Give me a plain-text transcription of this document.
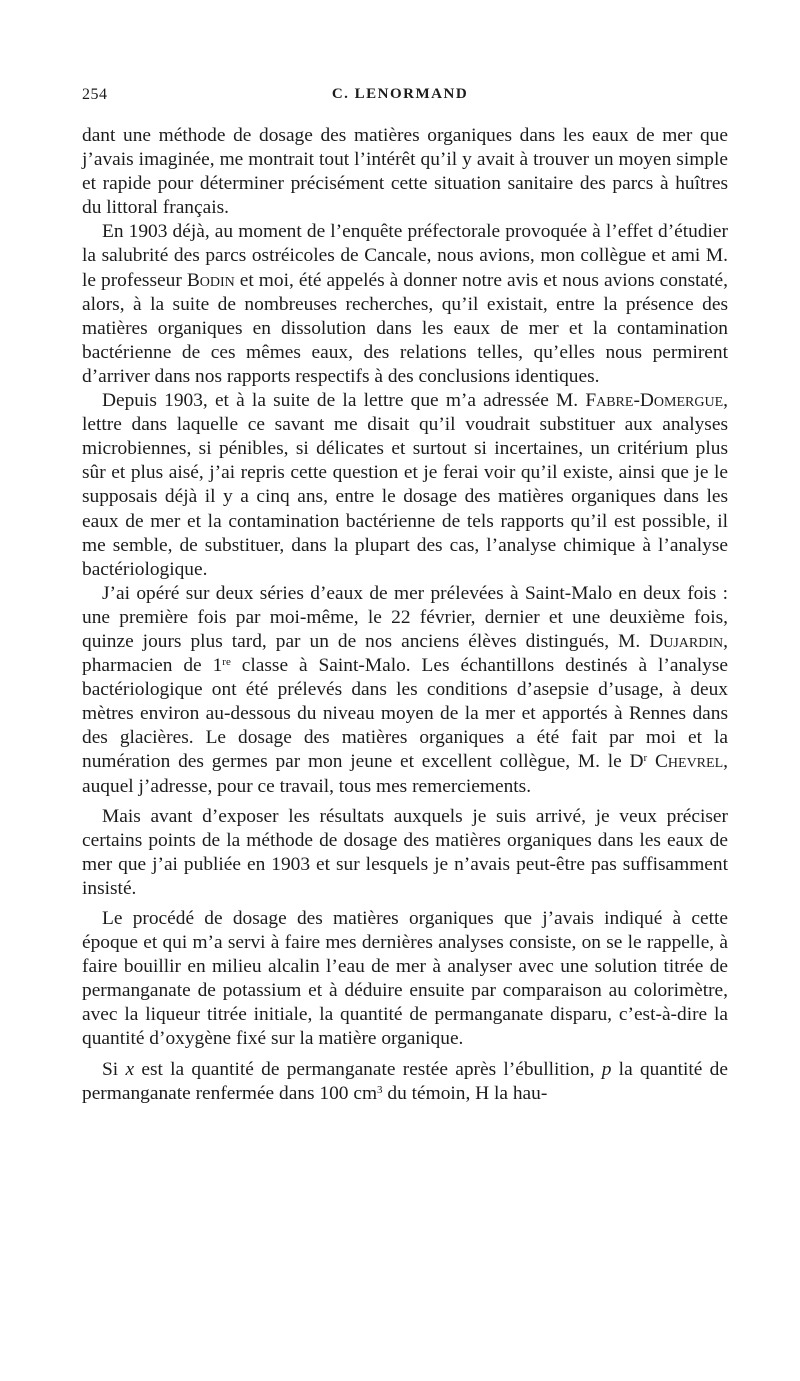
254	C. LENORMAND

dant une méthode de dosage des matières organiques dans les eaux de mer que j’avais imaginée, me montrait tout l’intérêt qu’il y avait à trouver un moyen simple et rapide pour déterminer précisément cette situation sanitaire des parcs à huîtres du littoral français.

En 1903 déjà, au moment de l’enquête préfectorale provoquée à l’effet d’étudier la salubrité des parcs ostréicoles de Cancale, nous avions, mon collègue et ami M. le professeur Bodin et moi, été appelés à donner notre avis et nous avions constaté, alors, à la suite de nombreuses recherches, qu’il existait, entre la présence des matières organiques en dissolution dans les eaux de mer et la contamination bactérienne de ces mêmes eaux, des relations telles, qu’elles nous permirent d’arriver dans nos rapports respectifs à des conclusions identiques.

Depuis 1903, et à la suite de la lettre que m’a adressée M. Fabre-Domergue, lettre dans laquelle ce savant me disait qu’il voudrait substituer aux analyses microbiennes, si pénibles, si délicates et surtout si incertaines, un critérium plus sûr et plus aisé, j’ai repris cette question et je ferai voir qu’il existe, ainsi que je le supposais déjà il y a cinq ans, entre le dosage des matières organiques dans les eaux de mer et la contamination bactérienne de tels rapports qu’il est possible, il me semble, de substituer, dans la plupart des cas, l’analyse chimique à l’analyse bactériologique.

J’ai opéré sur deux séries d’eaux de mer prélevées à Saint-Malo en deux fois : une première fois par moi-même, le 22 février, dernier et une deuxième fois, quinze jours plus tard, par un de nos anciens élèves distingués, M. Dujardin, pharmacien de 1re classe à Saint-Malo. Les échantillons destinés à l’analyse bactériologique ont été prélevés dans les conditions d’asepsie d’usage, à deux mètres environ au-dessous du niveau moyen de la mer et apportés à Rennes dans des glacières. Le dosage des matières organiques a été fait par moi et la numération des germes par mon jeune et excellent collègue, M. le $D^r$ Chevrel, auquel j’adresse, pour ce travail, tous mes remerciements.

Mais avant d’exposer les résultats auxquels je suis arrivé, je veux préciser certains points de la méthode de dosage des matières organiques dans les eaux de mer que j’ai publiée en 1903 et sur lesquels je n’avais peut-être pas suffisamment insisté.

Le procédé de dosage des matières organiques que j’avais indiqué à cette époque et qui m’a servi à faire mes dernières analyses consiste, on se le rappelle, à faire bouillir en milieu alcalin l’eau de mer à analyser avec une solution titrée de permanganate de potassium et à déduire ensuite par comparaison au colorimètre, avec la liqueur titrée initiale, la quantité de permanganate disparu, c’est-à-dire la quantité d’oxygène fixé sur la matière organique.

Si x est la quantité de permanganate restée après l’ébullition, p la quantité de permanganate renfermée dans 100 $cm^3$ du témoin, H la hau-
